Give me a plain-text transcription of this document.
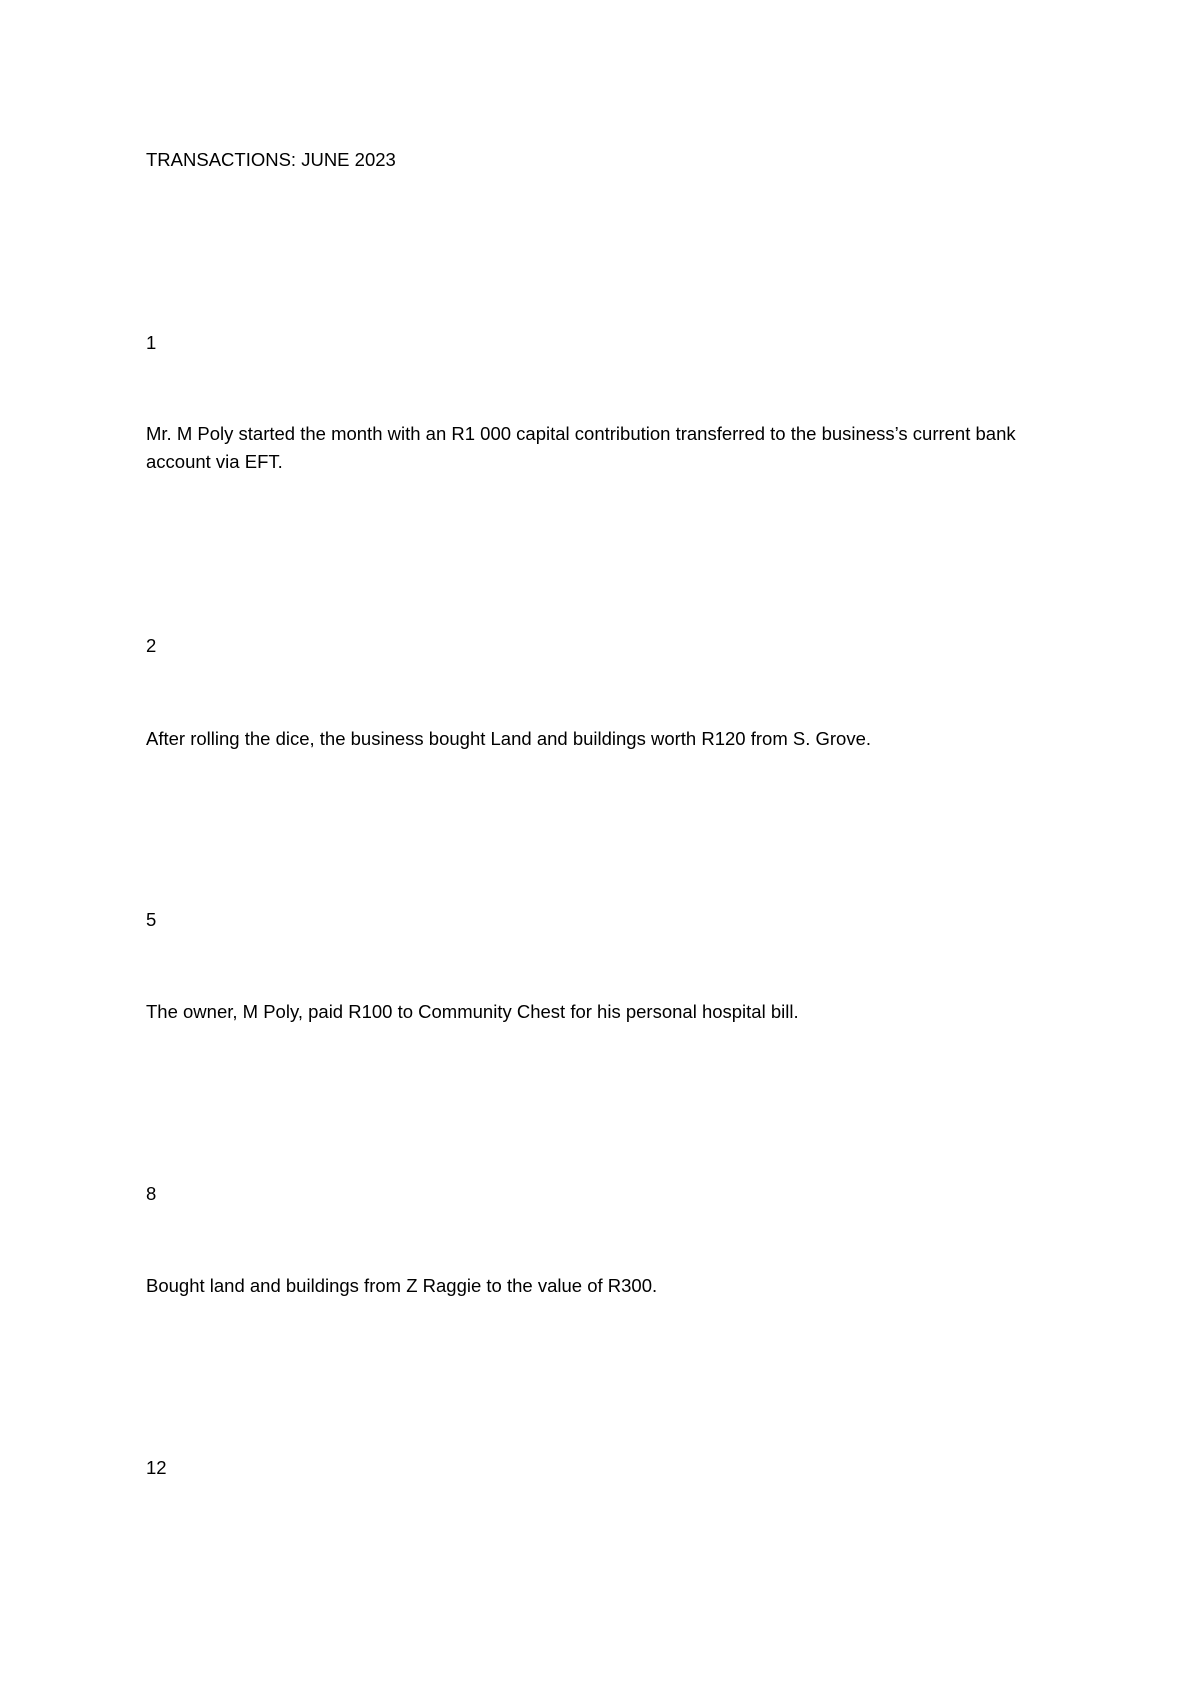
TRANSACTIONS: JUNE 2023

1

Mr. M Poly started the month with an R1 000 capital contribution transferred to the business’s current bank account via EFT.

2

After rolling the dice, the business bought Land and buildings worth R120 from S. Grove.

5

The owner, M Poly, paid R100 to Community Chest for his personal hospital bill.

8

Bought land and buildings from Z Raggie to the value of R300.

12
